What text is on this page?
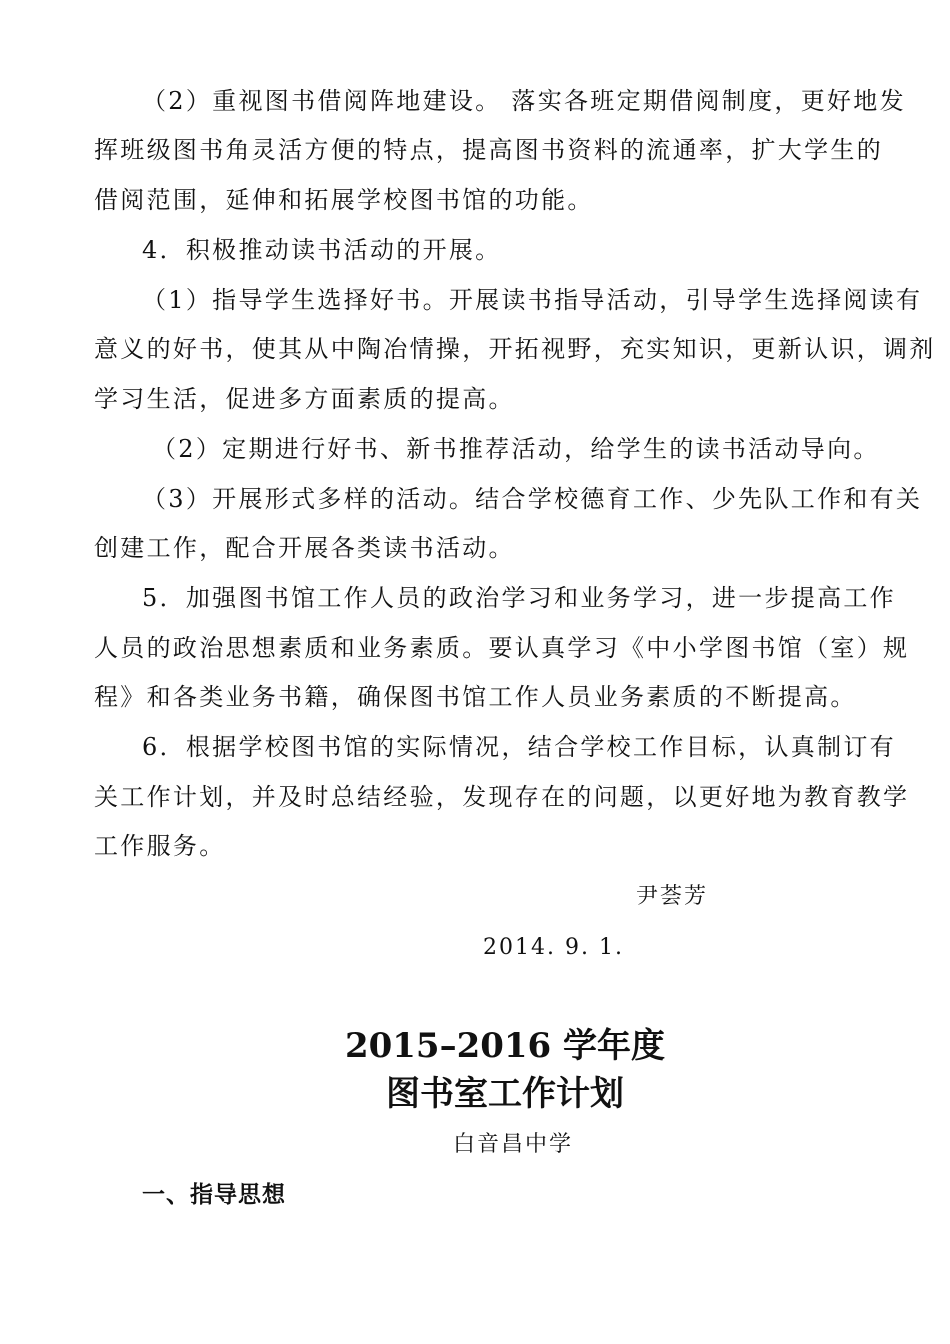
（2）重视图书借阅阵地建设。 落实各班定期借阅制度，更好地发
挥班级图书角灵活方便的特点，提高图书资料的流通率，扩大学生的
借阅范围，延伸和拓展学校图书馆的功能。
4．积极推动读书活动的开展。
（1）指导学生选择好书。开展读书指导活动，引导学生选择阅读有
意义的好书，使其从中陶冶情操，开拓视野，充实知识，更新认识，调剂
学习生活，促进多方面素质的提高。
（2）定期进行好书、新书推荐活动，给学生的读书活动导向。
（3）开展形式多样的活动。结合学校德育工作、少先队工作和有关
创建工作，配合开展各类读书活动。
5．加强图书馆工作人员的政治学习和业务学习，进一步提高工作
人员的政治思想素质和业务素质。要认真学习《中小学图书馆（室）规
程》和各类业务书籍，确保图书馆工作人员业务素质的不断提高。
6．根据学校图书馆的实际情况，结合学校工作目标，认真制订有
关工作计划，并及时总结经验，发现存在的问题，以更好地为教育教学
工作服务。
尹荟芳
2014. 9. 1.
2015–2016 学年度
图书室工作计划
白音昌中学
一、指导思想
